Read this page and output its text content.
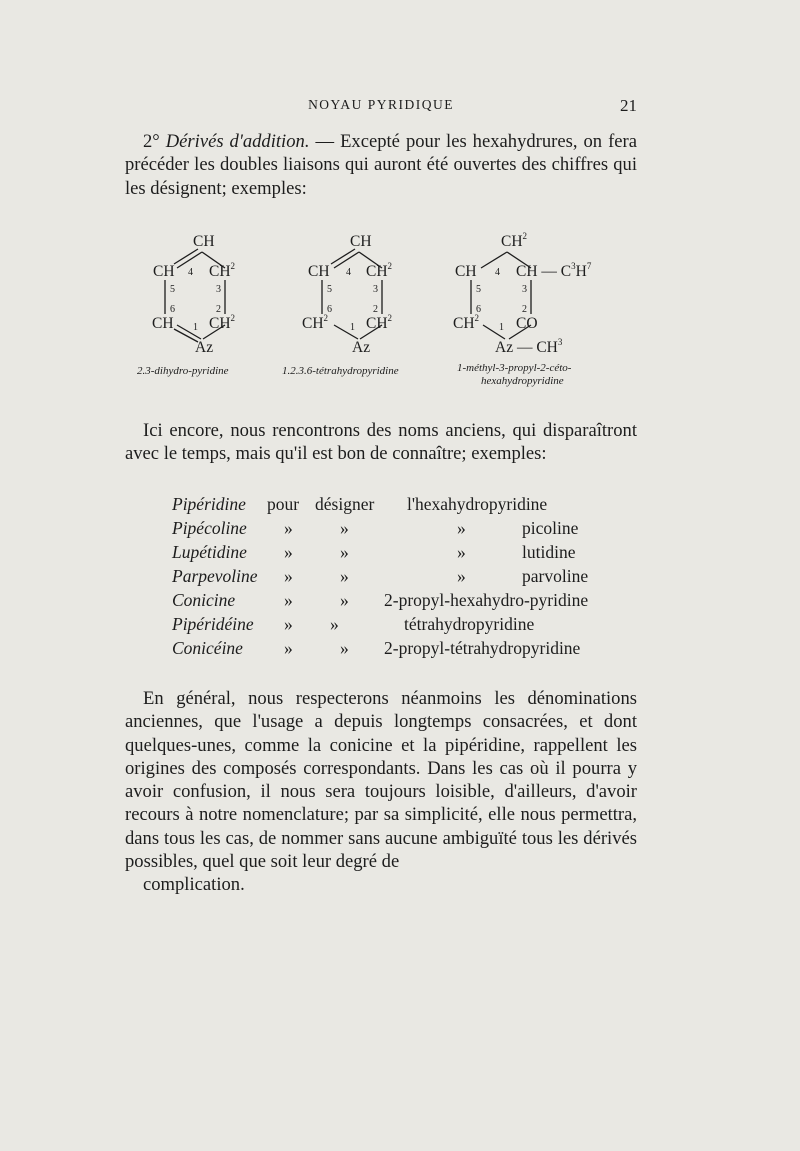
NOYAU PYRIDIQUE	21
2° Dérivés d'addition. — Excepté pour les hexahydrures, on fera précéder les doubles liaisons qui auront été ouvertes des chiffres qui les désignent; exemples:
CH
CH $CH^2$
CH $CH^2$
Az
4
5	3
6	2
1
2.3-dihydro-pyridine
CH
CH $CH^2$
$CH^2$ $CH^2$
Az
4
5	3
6	2
1
1.2.3.6-tétrahydropyridine
$CH^2$
CH	CH — $C^3H^7$
$CH^2$ CO
Az — $CH^3$
4
5	3
6	2
1
1-méthyl-3-propyl-2-céto-
hexahydropyridine
Ici encore, nous rencontrons des noms anciens, qui disparaîtront avec le temps, mais qu'il est bon de connaître; exemples:
Pipéridine pour désigner l'hexahydropyridine
Pipécoline »	»	»	picoline
Lupétidine »	»	»	lutidine
Parpevoline »	»	»	parvoline
Conicine	»	» 2-propyl-hexahydro-pyridine
Pipéridéine » »	tétrahydropyridine
Conicéine »	» 2-propyl-tétrahydropyridine
En général, nous respecterons néanmoins les dénominations anciennes, que l'usage a depuis longtemps consacrées, et dont quelques-unes, comme la conicine et la pipéridine, rappellent les origines des composés correspondants. Dans les cas où il pourra y avoir confusion, il nous sera toujours loisible, d'ailleurs, d'avoir recours à notre nomenclature; par sa simplicité, elle nous permettra, dans tous les cas, de nommer sans aucune ambiguïté tous les dérivés possibles, quel que soit leur degré de
complication.
